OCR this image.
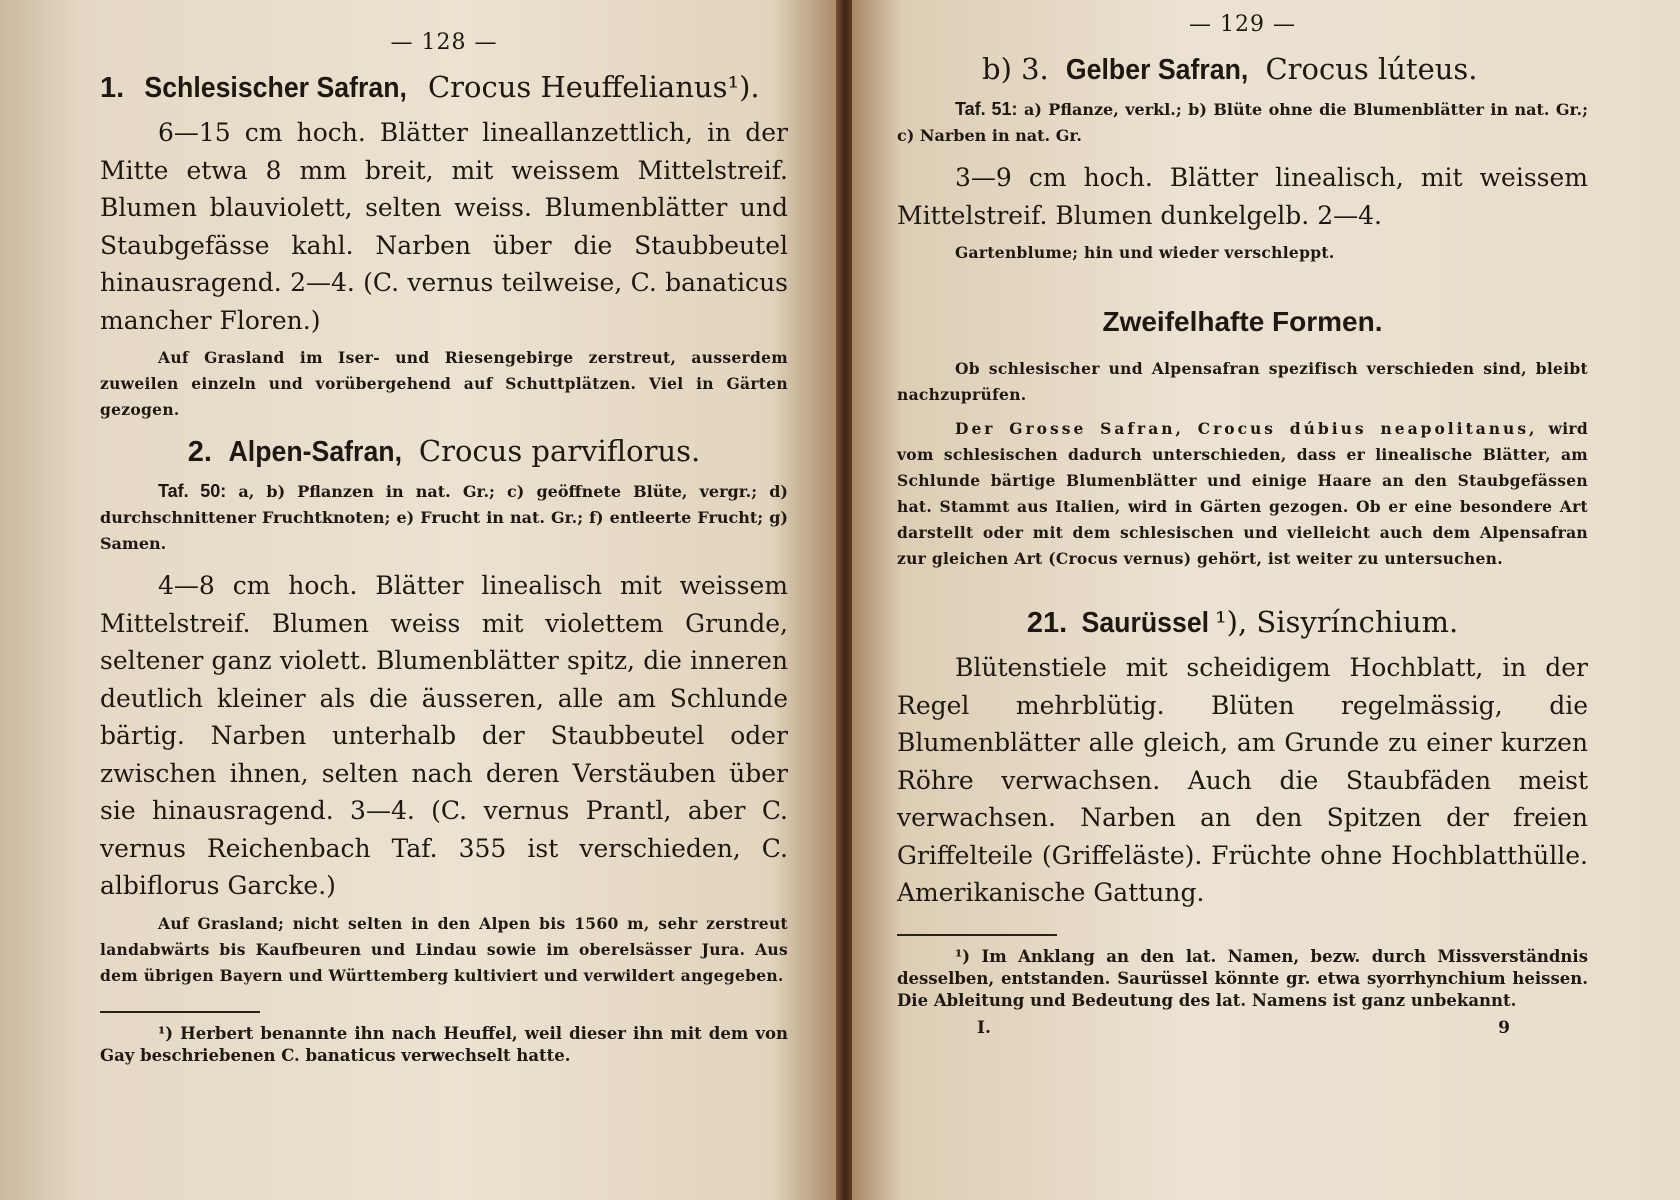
— 128 —
1. Schlesischer Safran, Crocus Heuffelianus¹).

6—15 cm hoch. Blätter lineallanzettlich, in der Mitte etwa 8 mm breit, mit weissem Mittelstreif. Blumen blauviolett, selten weiss. Blumenblätter und Staubgefässe kahl. Narben über die Staubbeutel hinausragend. 2—4. (C. vernus teilweise, C. banaticus mancher Floren.)

Auf Grasland im Iser- und Riesengebirge zerstreut, ausserdem zuweilen einzeln und vorübergehend auf Schuttplätzen. Viel in Gärten gezogen.

2. Alpen-Safran, Crocus parviflorus.

Taf. 50: a, b) Pflanzen in nat. Gr.; c) geöffnete Blüte, vergr.; d) durchschnittener Fruchtknoten; e) Frucht in nat. Gr.; f) entleerte Frucht; g) Samen.

4—8 cm hoch. Blätter linealisch mit weissem Mittelstreif. Blumen weiss mit violettem Grunde, seltener ganz violett. Blumenblätter spitz, die inneren deutlich kleiner als die äusseren, alle am Schlunde bärtig. Narben unterhalb der Staubbeutel oder zwischen ihnen, selten nach deren Verstäuben über sie hinausragend. 3—4. (C. vernus Prantl, aber C. vernus Reichenbach Taf. 355 ist verschieden, C. albiflorus Garcke.)

Auf Grasland; nicht selten in den Alpen bis 1560 m, sehr zerstreut landabwärts bis Kaufbeuren und Lindau sowie im oberelsässer Jura. Aus dem übrigen Bayern und Württemberg kultiviert und verwildert angegeben.

¹) Herbert benannte ihn nach Heuffel, weil dieser ihn mit dem von Gay beschriebenen C. banaticus verwechselt hatte.

— 129 —
b) 3. Gelber Safran, Crocus lúteus.

Taf. 51: a) Pflanze, verkl.; b) Blüte ohne die Blumenblätter in nat. Gr.; c) Narben in nat. Gr.

3—9 cm hoch. Blätter linealisch, mit weissem Mittelstreif. Blumen dunkelgelb. 2—4.

Gartenblume; hin und wieder verschleppt.

Zweifelhafte Formen.

Ob schlesischer und Alpensafran spezifisch verschieden sind, bleibt nachzuprüfen.

Der Grosse Safran, Crocus dúbius neapolitanus, wird vom schlesischen dadurch unterschieden, dass er linealische Blätter, am Schlunde bärtige Blumenblätter und einige Haare an den Staubgefässen hat. Stammt aus Italien, wird in Gärten gezogen. Ob er eine besondere Art darstellt oder mit dem schlesischen und vielleicht auch dem Alpensafran zur gleichen Art (Crocus vernus) gehört, ist weiter zu untersuchen.

21. Saurüssel ¹), Sisyrínchium.

Blütenstiele mit scheidigem Hochblatt, in der Regel mehrblütig. Blüten regelmässig, die Blumenblätter alle gleich, am Grunde zu einer kurzen Röhre verwachsen. Auch die Staubfäden meist verwachsen. Narben an den Spitzen der freien Griffelteile (Griffeläste). Früchte ohne Hochblatthülle. Amerikanische Gattung.

¹) Im Anklang an den lat. Namen, bezw. durch Missverständnis desselben, entstanden. Saurüssel könnte gr. etwa syorrhynchium heissen. Die Ableitung und Bedeutung des lat. Namens ist ganz unbekannt.

I.	9
